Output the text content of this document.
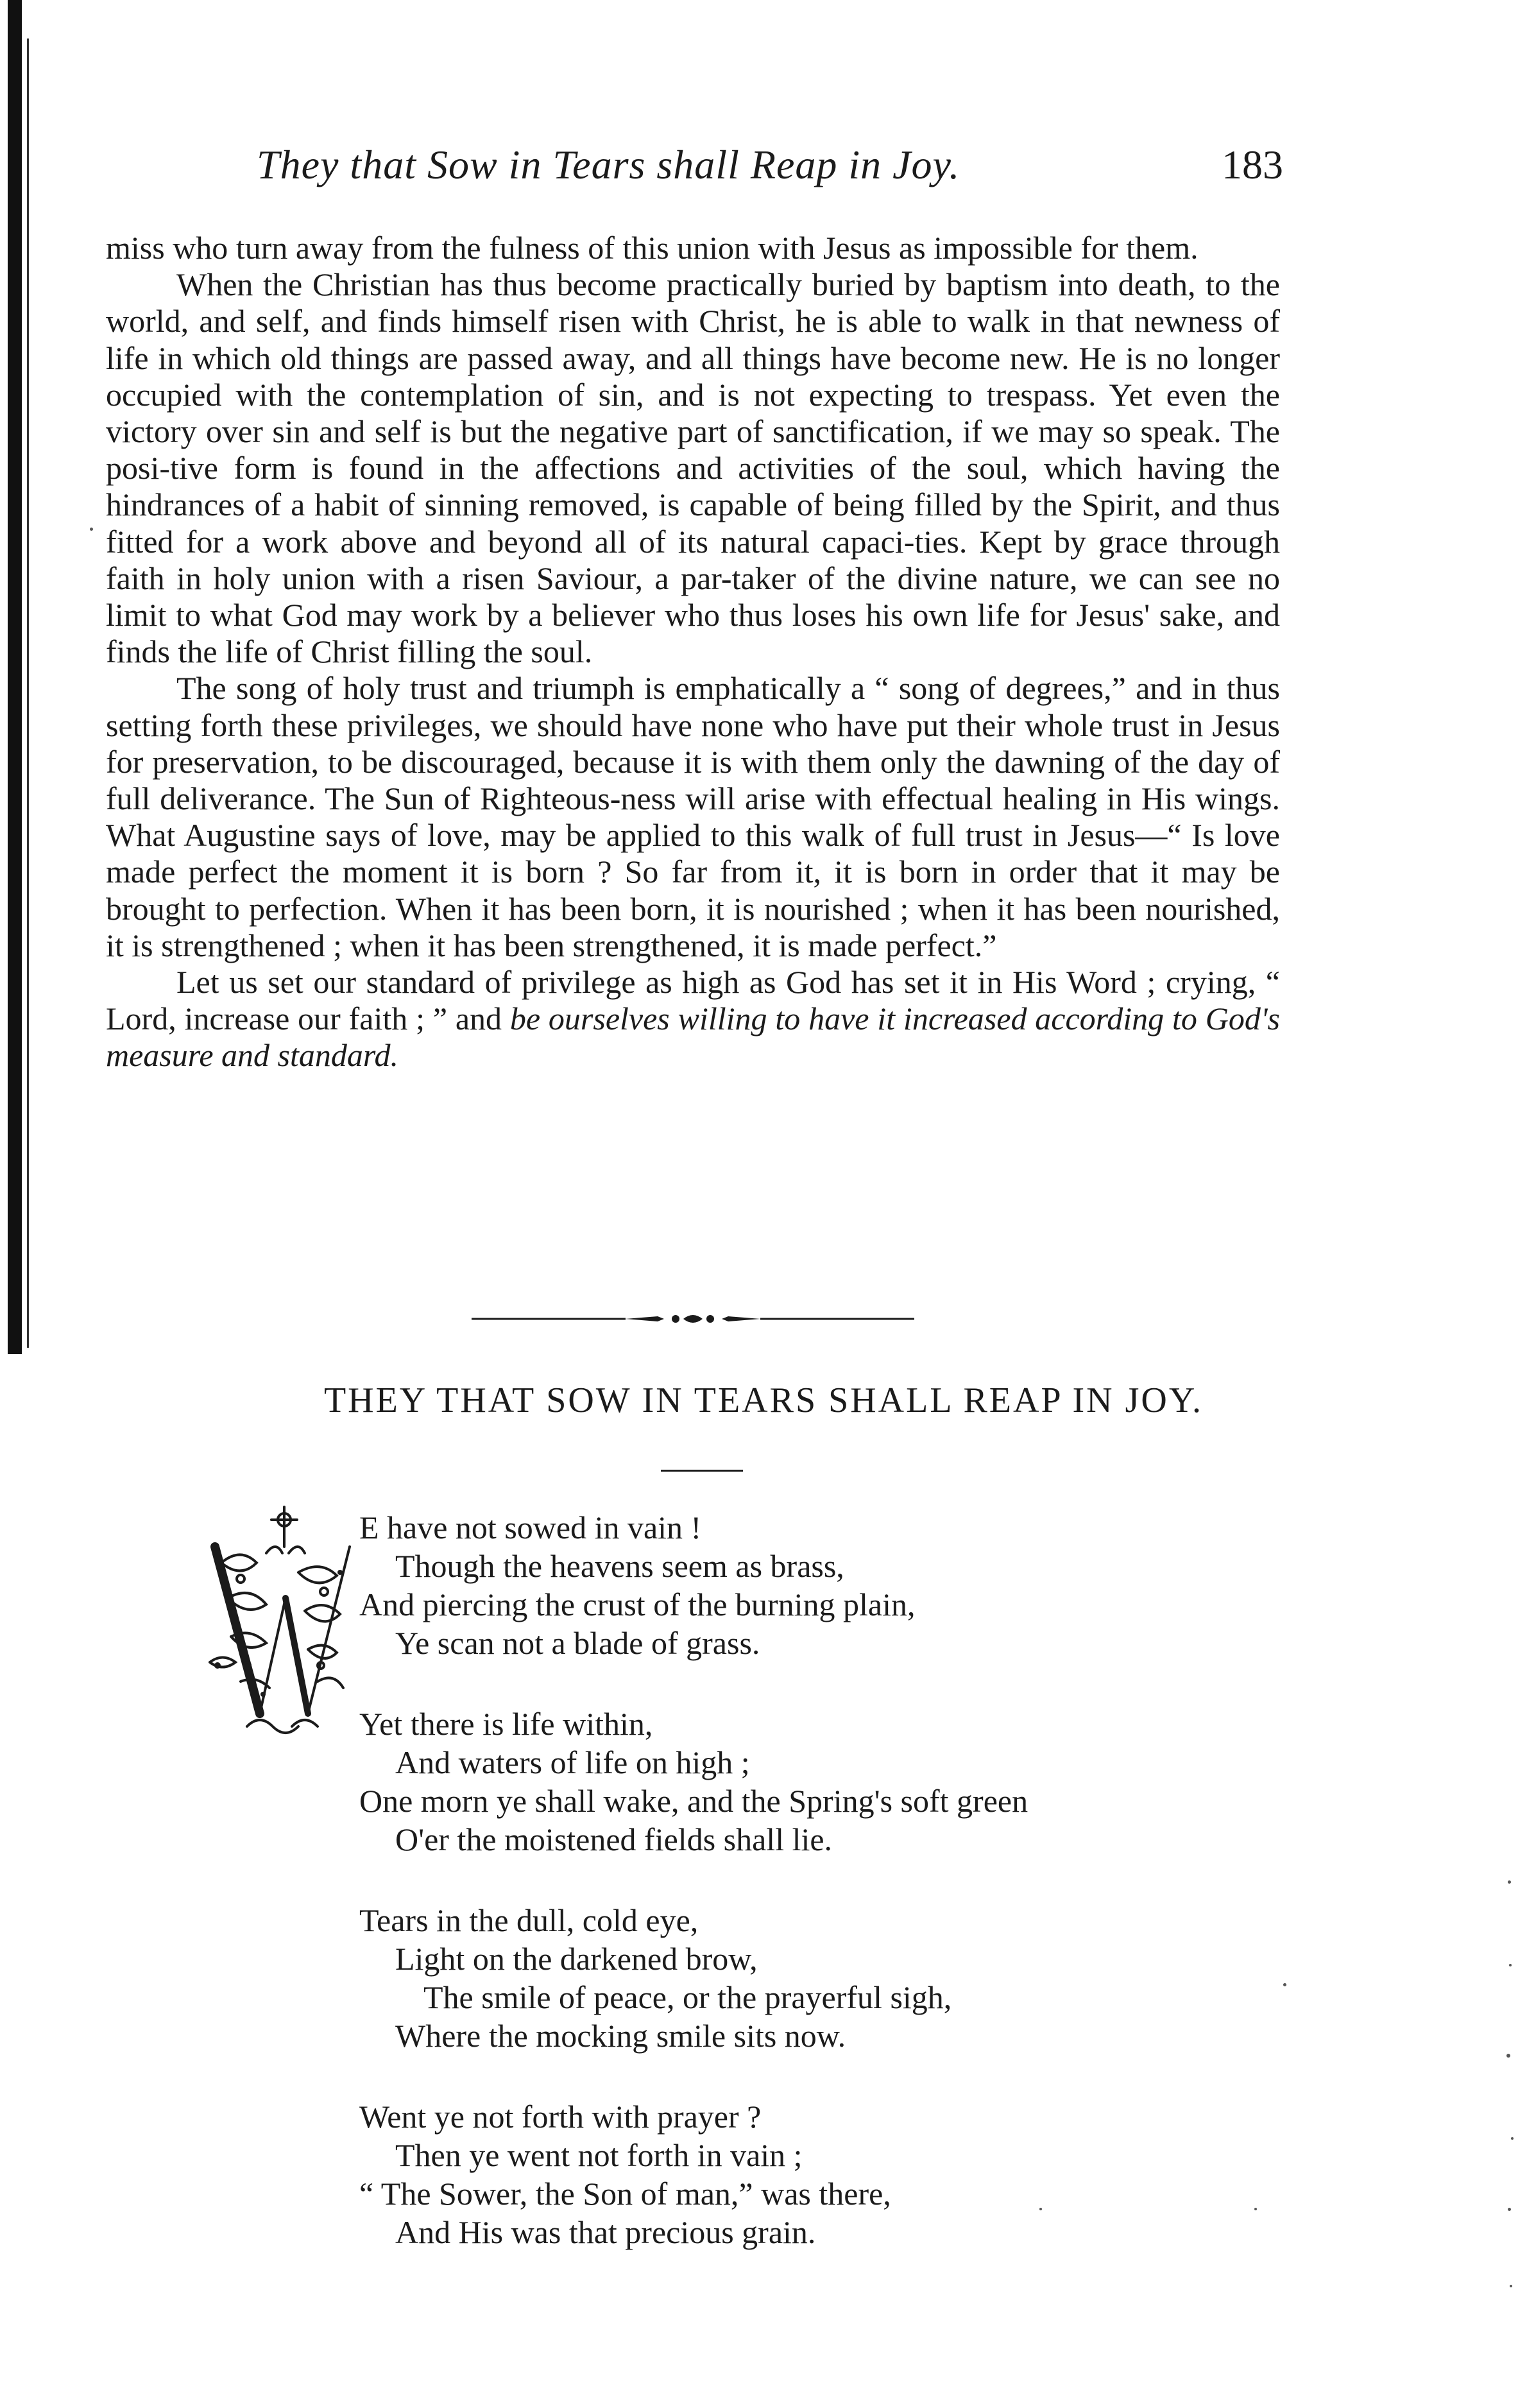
They that Sow in Tears shall Reap in Joy.	183

miss who turn away from the fulness of this union with Jesus as impossible for them.

When the Christian has thus become practically buried by baptism into death, to the world, and self, and finds himself risen with Christ, he is able to walk in that newness of life in which old things are passed away, and all things have become new. He is no longer occupied with the contemplation of sin, and is not expecting to trespass. Yet even the victory over sin and self is but the negative part of sanctification, if we may so speak. The posi-tive form is found in the affections and activities of the soul, which having the hindrances of a habit of sinning removed, is capable of being filled by the Spirit, and thus fitted for a work above and beyond all of its natural capaci-ties. Kept by grace through faith in holy union with a risen Saviour, a par-taker of the divine nature, we can see no limit to what God may work by a believer who thus loses his own life for Jesus' sake, and finds the life of Christ filling the soul.

The song of holy trust and triumph is emphatically a “ song of degrees,” and in thus setting forth these privileges, we should have none who have put their whole trust in Jesus for preservation, to be discouraged, because it is with them only the dawning of the day of full deliverance. The Sun of Righteous-ness will arise with effectual healing in His wings. What Augustine says of love, may be applied to this walk of full trust in Jesus—“ Is love made perfect the moment it is born ? So far from it, it is born in order that it may be brought to perfection. When it has been born, it is nourished ; when it has been nourished, it is strengthened ; when it has been strengthened, it is made perfect.”

Let us set our standard of privilege as high as God has set it in His Word ; crying, “ Lord, increase our faith ; ” and be ourselves willing to have it increased according to God's measure and standard.

THEY THAT SOW IN TEARS SHALL REAP IN JOY.
E have not sowed in vain !
Though the heavens seem as brass,
And piercing the crust of the burning plain,
Ye scan not a blade of grass.
Yet there is life within,
And waters of life on high ;
One morn ye shall wake, and the Spring's soft green
O'er the moistened fields shall lie.
Tears in the dull, cold eye,
Light on the darkened brow,
The smile of peace, or the prayerful sigh,
Where the mocking smile sits now.
Went ye not forth with prayer ?
Then ye went not forth in vain ;
“ The Sower, the Son of man,” was there,
And His was that precious grain.
